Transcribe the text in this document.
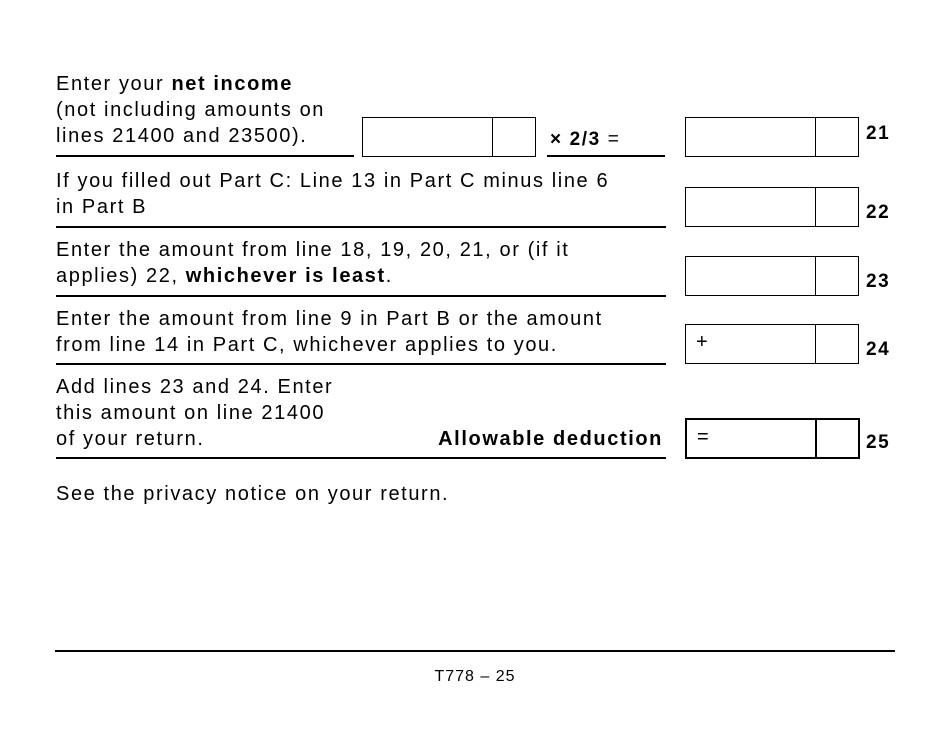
Enter your net income
(not including amounts on
lines 21400 and 23500).	× 2/3 =	21
If you filled out Part C: Line 13 in Part C minus line 6
in Part B	22
Enter the amount from line 18, 19, 20, 21, or (if it
applies) 22, whichever is least.	23
Enter the amount from line 9 in Part B or the amount
from line 14 in Part C, whichever applies to you.	+	24
Add lines 23 and 24. Enter
this amount on line 21400
of your return.	Allowable deduction =	25
See the privacy notice on your return.
T778 – 25
